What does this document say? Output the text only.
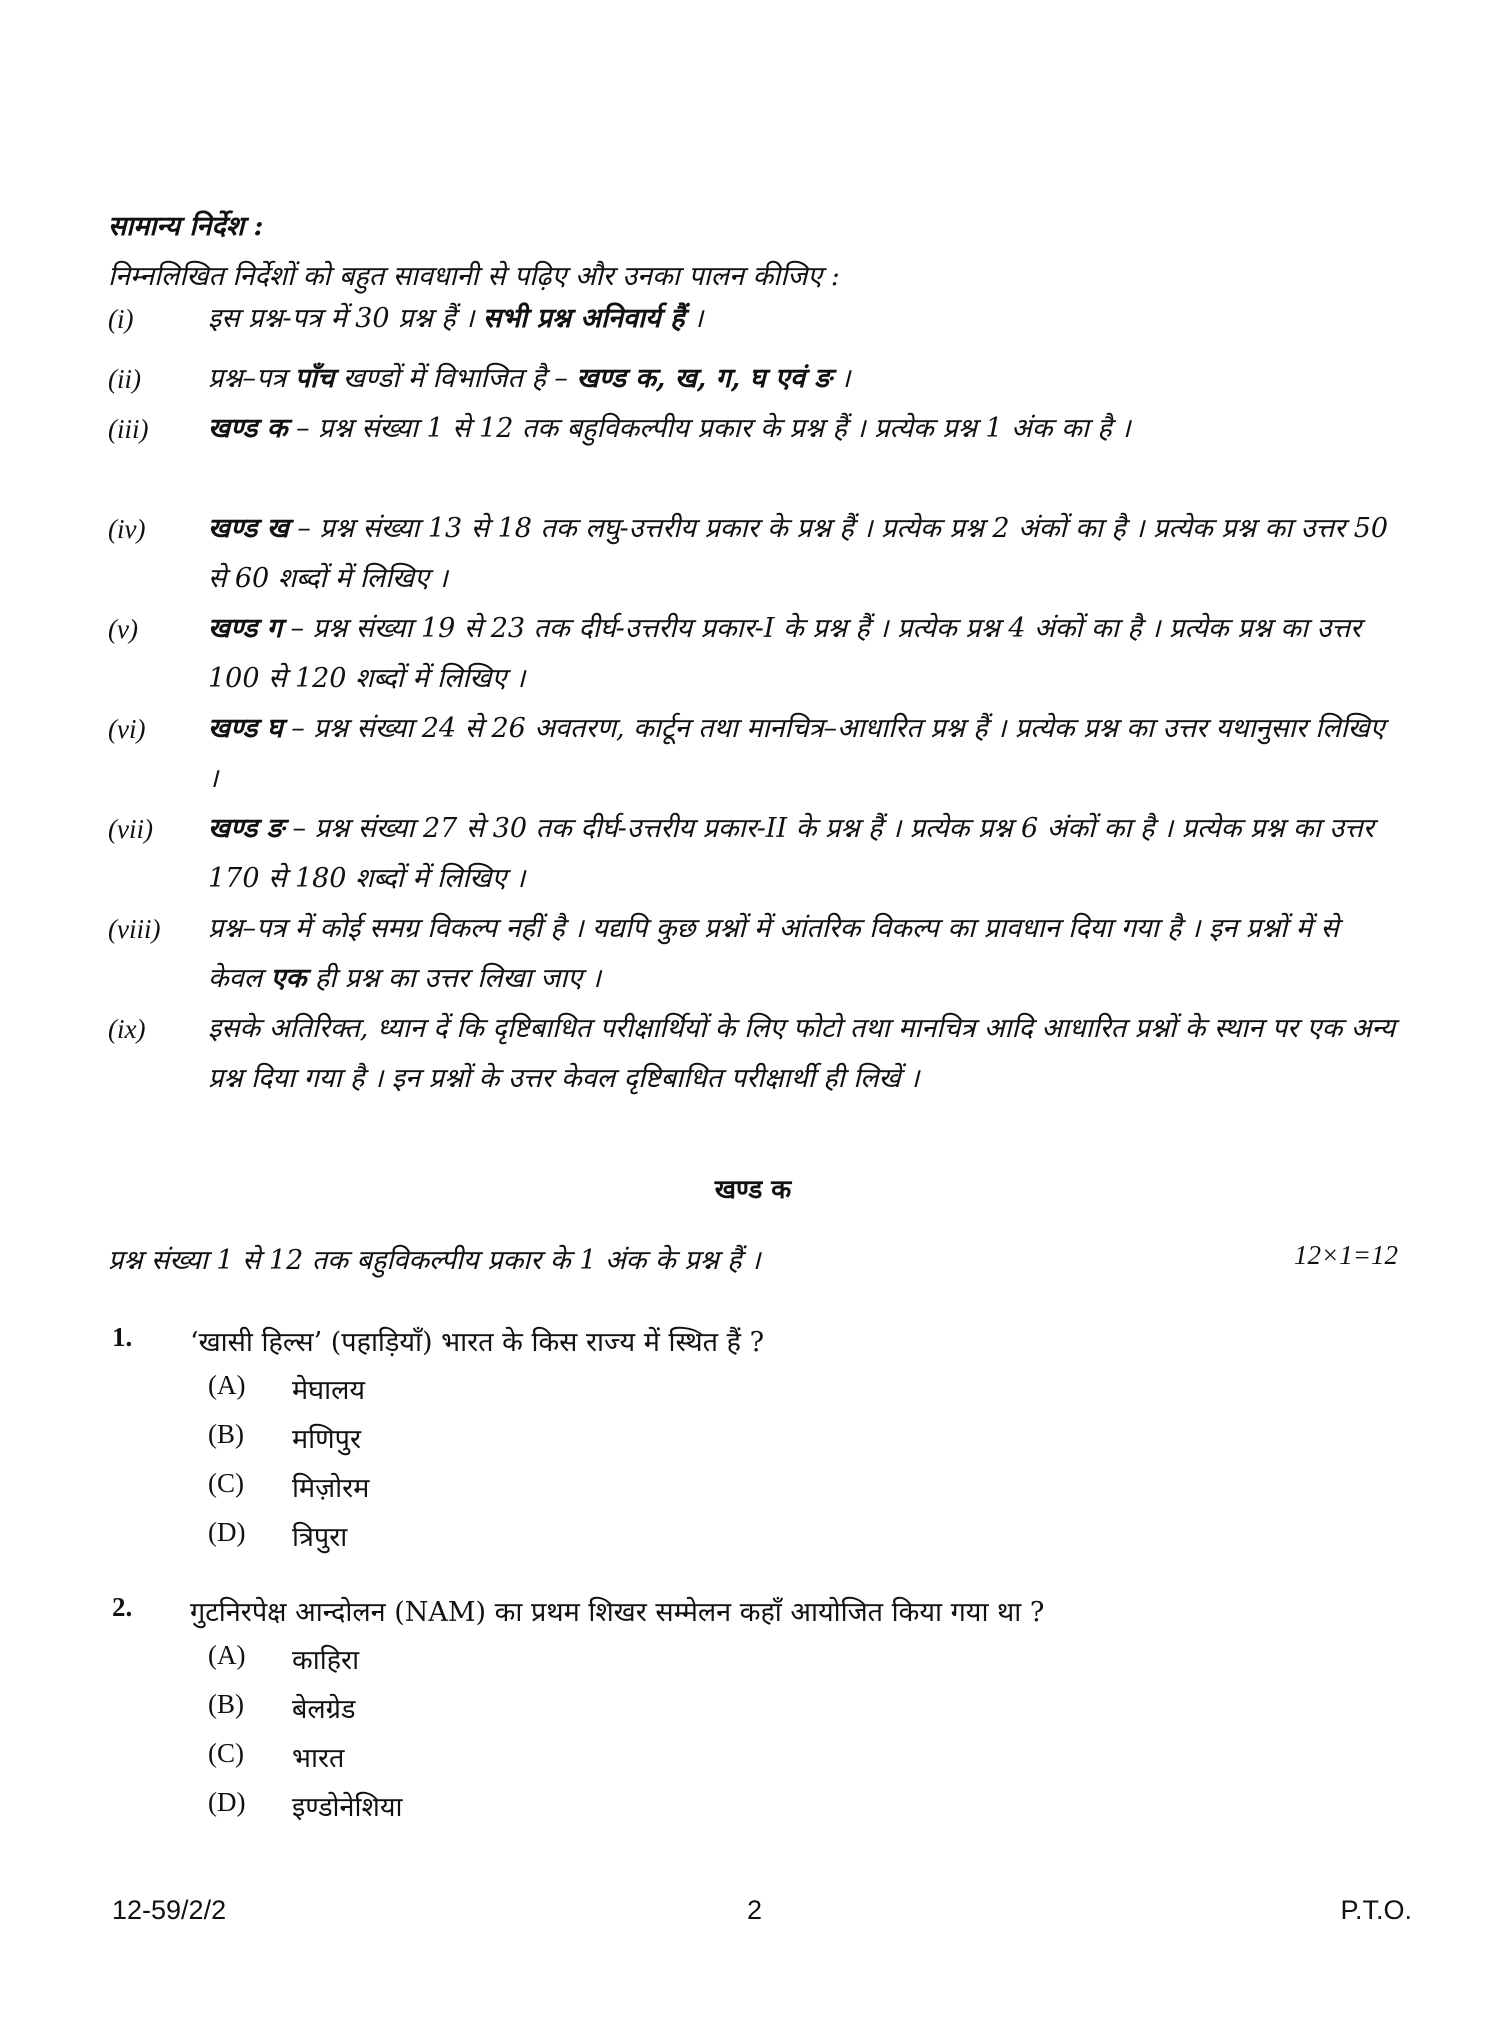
सामान्य निर्देश :
निम्नलिखित निर्देशों को बहुत सावधानी से पढ़िए और उनका पालन कीजिए :
(i)	इस प्रश्न-पत्र में 30 प्रश्न हैं । सभी प्रश्न अनिवार्य हैं ।
(ii)	प्रश्न–पत्र पाँच खण्डों में विभाजित है – खण्ड क, ख, ग, घ एवं ङ ।
(iii)	खण्ड क – प्रश्न संख्या 1 से 12 तक बहुविकल्पीय प्रकार के प्रश्न हैं । प्रत्येक प्रश्न 1 अंक का है ।
(iv)	खण्ड ख – प्रश्न संख्या 13 से 18 तक लघु-उत्तरीय प्रकार के प्रश्न हैं । प्रत्येक प्रश्न 2 अंकों का है । प्रत्येक प्रश्न का उत्तर 50 से 60 शब्दों में लिखिए ।
(v)	खण्ड ग – प्रश्न संख्या 19 से 23 तक दीर्घ-उत्तरीय प्रकार-I के प्रश्न हैं । प्रत्येक प्रश्न 4 अंकों का है । प्रत्येक प्रश्न का उत्तर 100 से 120 शब्दों में लिखिए ।
(vi)	खण्ड घ – प्रश्न संख्या 24 से 26 अवतरण, कार्टून तथा मानचित्र–आधारित प्रश्न हैं । प्रत्येक प्रश्न का उत्तर यथानुसार लिखिए ।
(vii)	खण्ड ङ – प्रश्न संख्या 27 से 30 तक दीर्घ-उत्तरीय प्रकार-II के प्रश्न हैं । प्रत्येक प्रश्न 6 अंकों का है । प्रत्येक प्रश्न का उत्तर 170 से 180 शब्दों में लिखिए ।
(viii)	प्रश्न–पत्र में कोई समग्र विकल्प नहीं है । यद्यपि कुछ प्रश्नों में आंतरिक विकल्प का प्रावधान दिया गया है । इन प्रश्नों में से केवल एक ही प्रश्न का उत्तर लिखा जाए ।
(ix)	इसके अतिरिक्त, ध्यान दें कि दृष्टिबाधित परीक्षार्थियों के लिए फोटो तथा मानचित्र आदि आधारित प्रश्नों के स्थान पर एक अन्य प्रश्न दिया गया है । इन प्रश्नों के उत्तर केवल दृष्टिबाधित परीक्षार्थी ही लिखें ।
खण्ड क
प्रश्न संख्या 1 से 12 तक बहुविकल्पीय प्रकार के 1 अंक के प्रश्न हैं ।	12×1=12
1. ‘खासी हिल्स’ (पहाड़ियाँ) भारत के किस राज्य में स्थित हैं ?
(A) मेघालय
(B) मणिपुर
(C) मिज़ोरम
(D) त्रिपुरा
2. गुटनिरपेक्ष आन्दोलन (NAM) का प्रथम शिखर सम्मेलन कहाँ आयोजित किया गया था ?
(A) काहिरा
(B) बेलग्रेड
(C) भारत
(D) इण्डोनेशिया
12-59/2/2	2	P.T.O.
